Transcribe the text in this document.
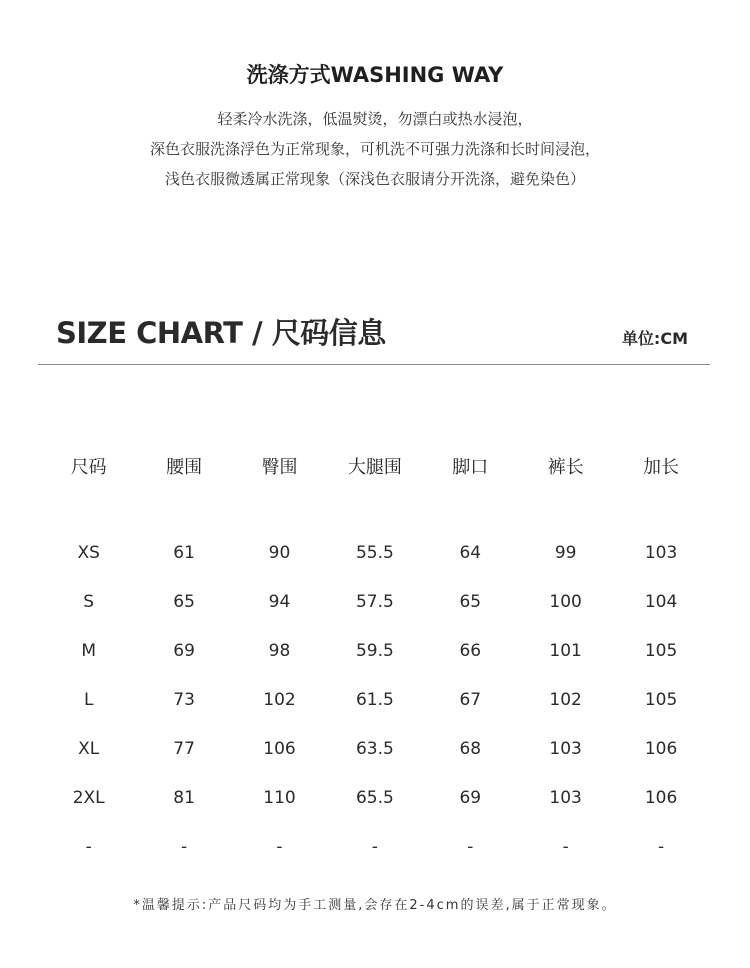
洗涤方式WASHING WAY

轻柔冷水洗涤，低温熨烫，勿漂白或热水浸泡，

深色衣服洗涤浮色为正常现象，可机洗不可强力洗涤和长时间浸泡，

浅色衣服微透属正常现象（深浅色衣服请分开洗涤，避免染色）

SIZE CHART / 尺码信息	单位:CM
尺码	腰围	臀围	大腿围	脚口	裤长	加长
XS	61	90	55.5	64	99	103
S	65	94	57.5	65	100	104
M	69	98	59.5	66	101	105
L	73	102	61.5	67	102	105
XL	77	106	63.5	68	103	106
2XL	81	110	65.5	69	103	106
-	-	-	-	-	-	-
*温馨提示:产品尺码均为手工测量,会存在2-4cm的误差,属于正常现象。
